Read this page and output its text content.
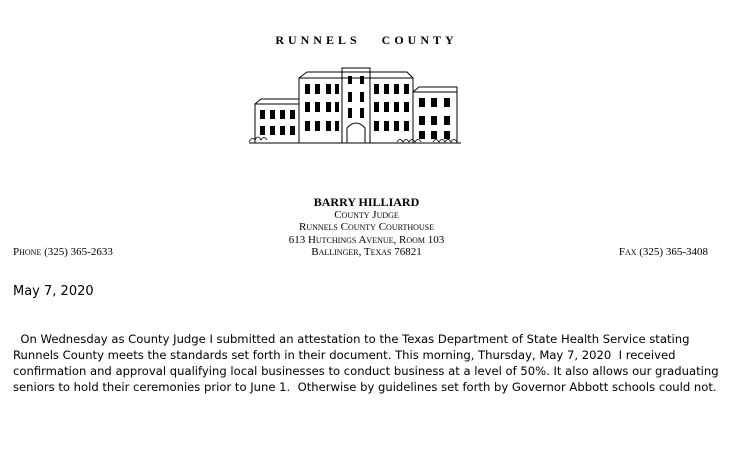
RUNNELS COUNTY
BARRY HILLIARD
County Judge
Runnels County Courthouse
613 Hutchings Avenue, Room 103
Ballinger, Texas 76821
Phone (325) 365-2633	Fax (325) 365-3408
May 7, 2020
On Wednesday as County Judge I submitted an attestation to the Texas Department of State Health Service stating Runnels County meets the standards set forth in their document. This morning, Thursday, May 7, 2020  I received confirmation and approval qualifying local businesses to conduct business at a level of 50%. It also allows our graduating seniors to hold their ceremonies prior to June 1.  Otherwise by guidelines set forth by Governor Abbott schools could not.
